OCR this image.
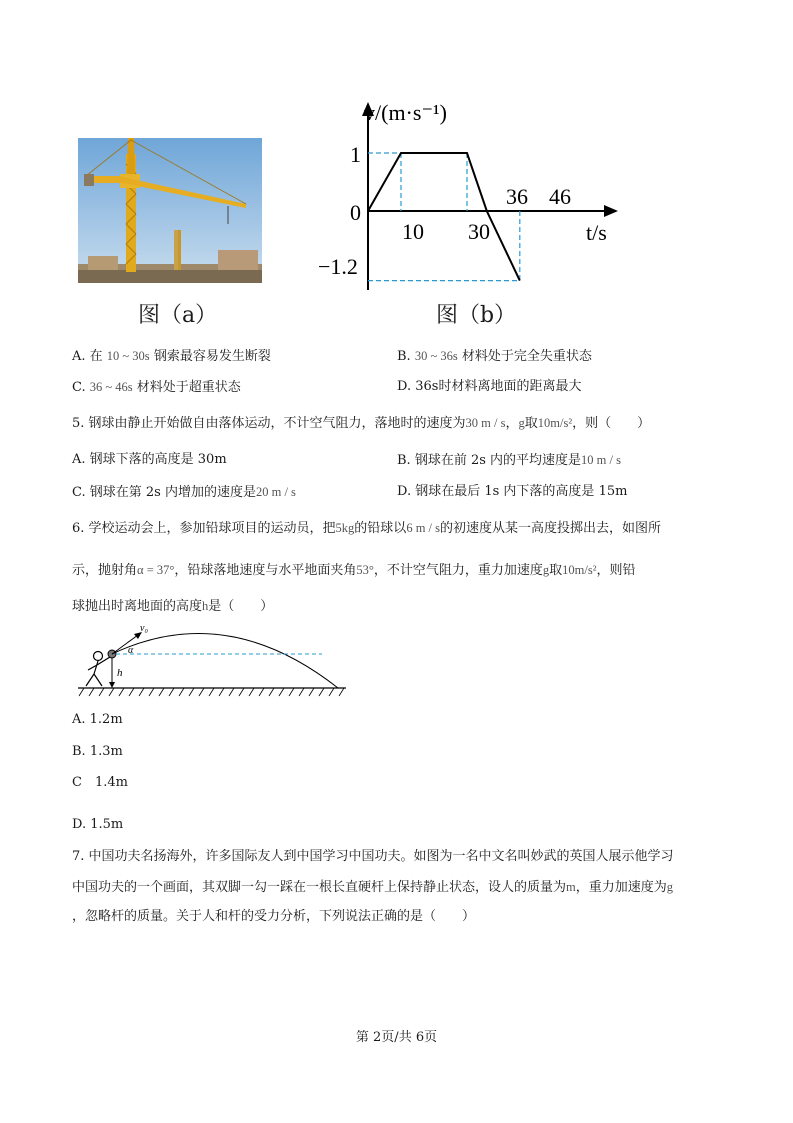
图（a）
v/(m·s⁻¹)
t/s
0
1
−1.2
10 30
36 46
图（b）
A. 在 10 ~ 30s 钢索最容易发生断裂	B. 30 ~ 36s 材料处于完全失重状态
C. 36 ~ 46s 材料处于超重状态	D. 36s时材料离地面的距离最大
5. 钢球由静止开始做自由落体运动，不计空气阻力，落地时的速度为30 m / s，g取10m/s²，则（　　）
A. 钢球下落的高度是 30m	B. 钢球在前 2s 内的平均速度是10 m / s
C. 钢球在第 2s 内增加的速度是20 m / s	D. 钢球在最后 1s 内下落的高度是 15m
6. 学校运动会上，参加铅球项目的运动员，把5kg的铅球以6 m / s的初速度从某一高度投掷出去，如图所
示，抛射角α = 37°，铅球落地速度与水平地面夹角53°，不计空气阻力，重力加速度g取10m/s²，则铅
球抛出时离地面的高度h是（　　）
v₀
α
h
A. 1.2m
B. 1.3m
C　1.4m
D. 1.5m
7. 中国功夫名扬海外，许多国际友人到中国学习中国功夫。如图为一名中文名叫妙武的英国人展示他学习
中国功夫的一个画面，其双脚一勾一踩在一根长直硬杆上保持静止状态，设人的质量为m，重力加速度为g
，忽略杆的质量。关于人和杆的受力分析，下列说法正确的是（　　）
第 2页/共 6页
